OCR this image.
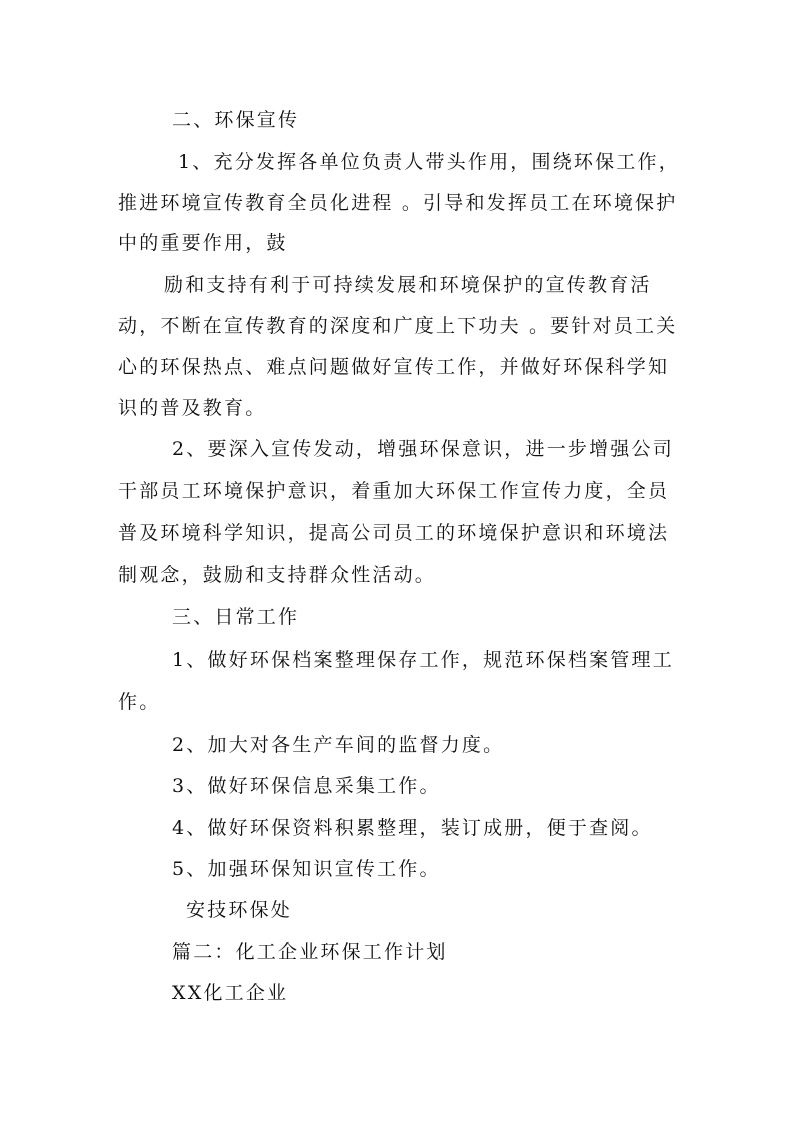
二、环保宣传
1、充分发挥各单位负责人带头作用，围绕环保工作，
推进环境宣传教育全员化进程 。引导和发挥员工在环境保护
中的重要作用，鼓
励和支持有利于可持续发展和环境保护的宣传教育活
动，不断在宣传教育的深度和广度上下功夫 。要针对员工关
心的环保热点、难点问题做好宣传工作，并做好环保科学知
识的普及教育。
2、要深入宣传发动，增强环保意识，进一步增强公司
干部员工环境保护意识，着重加大环保工作宣传力度，全员
普及环境科学知识，提高公司员工的环境保护意识和环境法
制观念，鼓励和支持群众性活动。
三、日常工作
1、做好环保档案整理保存工作，规范环保档案管理工
作。
2、加大对各生产车间的监督力度。
3、做好环保信息采集工作。
4、做好环保资料积累整理，装订成册，便于查阅。
5、加强环保知识宣传工作。
安技环保处
篇二：化工企业环保工作计划
XX化工企业
